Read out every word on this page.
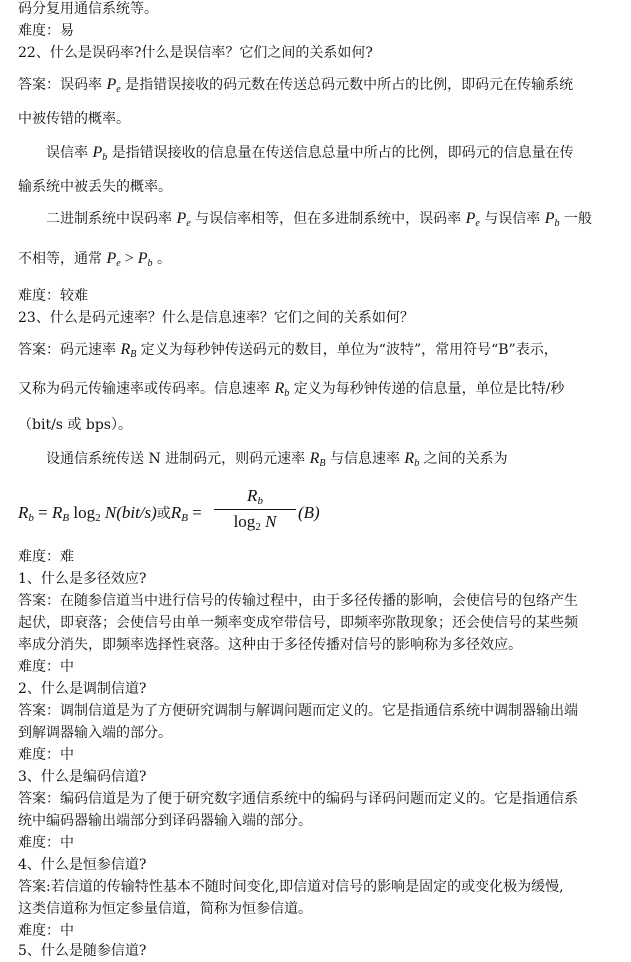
码分复用通信系统等。
难度：易
22、什么是误码率?什么是误信率？它们之间的关系如何?
答案：误码率 $P_e$ 是指错误接收的码元数在传送总码元数中所占的比例，即码元在传输系统
中被传错的概率。
误信率 $P_b$ 是指错误接收的信息量在传送信息总量中所占的比例，即码元的信息量在传
输系统中被丢失的概率。
二进制系统中误码率 $P_e$ 与误信率相等，但在多进制系统中，误码率 $P_e$ 与误信率 $P_b$ 一般
不相等，通常 $P_e > P_b$ 。
难度：较难
23、什么是码元速率？什么是信息速率？它们之间的关系如何？
答案：码元速率 $R_B$ 定义为每秒钟传送码元的数目，单位为“波特”，常用符号“B”表示，
又称为码元传输速率或传码率。信息速率 $R_b$ 定义为每秒钟传递的信息量，单位是比特/秒
（bit/s 或 bps）。
设通信系统传送 N 进制码元，则码元速率 $R_B$ 与信息速率 $R_b$ 之间的关系为
Rb = RB log2 N(bit/s)或RB =
Rb
log2 N	(B)
难度：难
1、什么是多径效应?
答案：在随参信道当中进行信号的传输过程中，由于多径传播的影响，会使信号的包络产生
起伏，即衰落；会使信号由单一频率变成窄带信号，即频率弥散现象；还会使信号的某些频
率成分消失，即频率选择性衰落。这种由于多径传播对信号的影响称为多径效应。
难度：中
2、什么是调制信道?
答案：调制信道是为了方便研究调制与解调问题而定义的。它是指通信系统中调制器输出端
到解调器输入端的部分。
难度：中
3、什么是编码信道?
答案：编码信道是为了便于研究数字通信系统中的编码与译码问题而定义的。它是指通信系
统中编码器输出端部分到译码器输入端的部分。
难度：中
4、什么是恒参信道?
答案:若信道的传输特性基本不随时间变化,即信道对信号的影响是固定的或变化极为缓慢,
这类信道称为恒定参量信道，简称为恒参信道。
难度：中
5、什么是随参信道?
